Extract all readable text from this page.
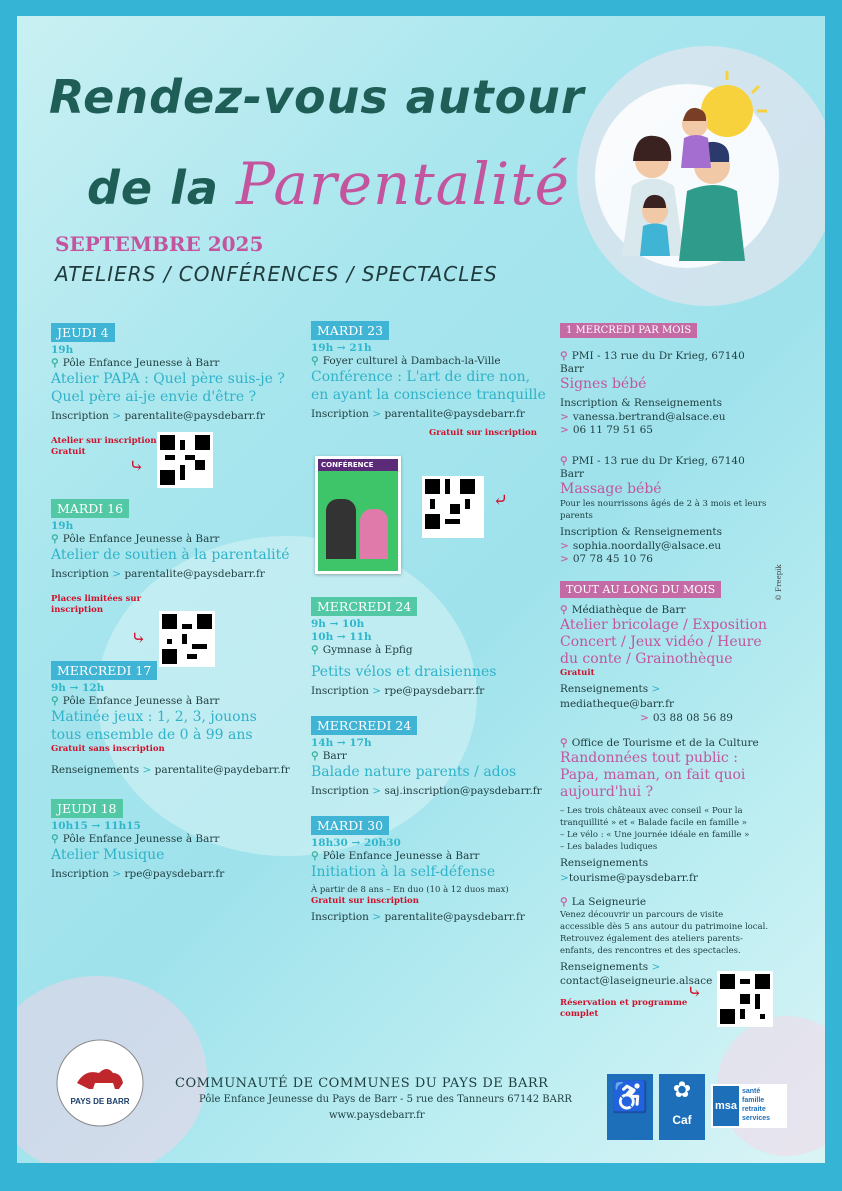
Rendez-vous autour
de la Parentalité
SEPTEMBRE 2025
ATELIERS / CONFÉRENCES / SPECTACLES
JEUDI 4
19h
⚲ Pôle Enfance Jeunesse à Barr
Atelier PAPA : Quel père suis-je ? Quel père ai-je envie d'être ?
Inscription > parentalite@paysdebarr.fr
Atelier sur inscription
Gratuit
MARDI 16
19h
⚲ Pôle Enfance Jeunesse à Barr
Atelier de soutien à la parentalité
Inscription > parentalite@paysdebarr.fr
Places limitées sur
inscription
MERCREDI 17
9h → 12h
⚲ Pôle Enfance Jeunesse à Barr
Matinée jeux : 1, 2, 3, jouons tous ensemble de 0 à 99 ans
Gratuit sans inscription
Renseignements > parentalite@paydebarr.fr
JEUDI 18
10h15 → 11h15
⚲ Pôle Enfance Jeunesse à Barr
Atelier Musique
Inscription > rpe@paysdebarr.fr
⤷
⤷
MARDI 23
19h → 21h
⚲ Foyer culturel à Dambach-la-Ville
Conférence : L'art de dire non, en ayant la conscience tranquille
Inscription > parentalite@paysdebarr.fr
Gratuit sur inscription
CONFÉRENCE
⤶
MERCREDI 24
9h → 10h
10h → 11h
⚲ Gymnase à Epfig
Petits vélos et draisiennes
Inscription > rpe@paysdebarr.fr
MERCREDI 24
14h → 17h
⚲ Barr
Balade nature parents / ados
Inscription > saj.inscription@paysdebarr.fr
MARDI 30
18h30 → 20h30
⚲ Pôle Enfance Jeunesse à Barr
Initiation à la self-défense
À partir de 8 ans – En duo (10 à 12 duos max)
Gratuit sur inscription
Inscription > parentalite@paysdebarr.fr
1 MERCREDI PAR MOIS
⚲ PMI - 13 rue du Dr Krieg, 67140 Barr
Signes bébé
Inscription & Renseignements
> vanessa.bertrand@alsace.eu
> 06 11 79 51 65
⚲ PMI - 13 rue du Dr Krieg, 67140 Barr
Massage bébé
Pour les nourrissons âgés de 2 à 3 mois et leurs parents
Inscription & Renseignements
> sophia.noordally@alsace.eu
> 07 78 45 10 76
TOUT AU LONG DU MOIS
⚲ Médiathèque de Barr
Atelier bricolage / Exposition Concert / Jeux vidéo / Heure du conte / Grainothèque
Gratuit
Renseignements > mediatheque@barr.fr
> 03 88 08 56 89
⚲ Office de Tourisme et de la Culture
Randonnées tout public : Papa, maman, on fait quoi aujourd'hui ?
– Les trois châteaux avec conseil « Pour la tranquillité » et « Balade facile en famille »
– Le vélo : « Une journée idéale en famille »
– Les balades ludiques
Renseignements >tourisme@paysdebarr.fr
⚲ La Seigneurie
Venez découvrir un parcours de visite accessible dès 5 ans autour du patrimoine local.
Retrouvez également des ateliers parents-enfants, des rencontres et des spectacles.
Renseignements >
contact@laseigneurie.alsace
Réservation et programme
complet
© Freepik
⤷
PAYS DE BARR
COMMUNAUTÉ DE COMMUNES DU PAYS DE BARR
Pôle Enfance Jeunesse du Pays de Barr - 5 rue des Tanneurs 67142 BARR
www.paysdebarr.fr
♿	✿
Caf
msa
santé famille retraite services
